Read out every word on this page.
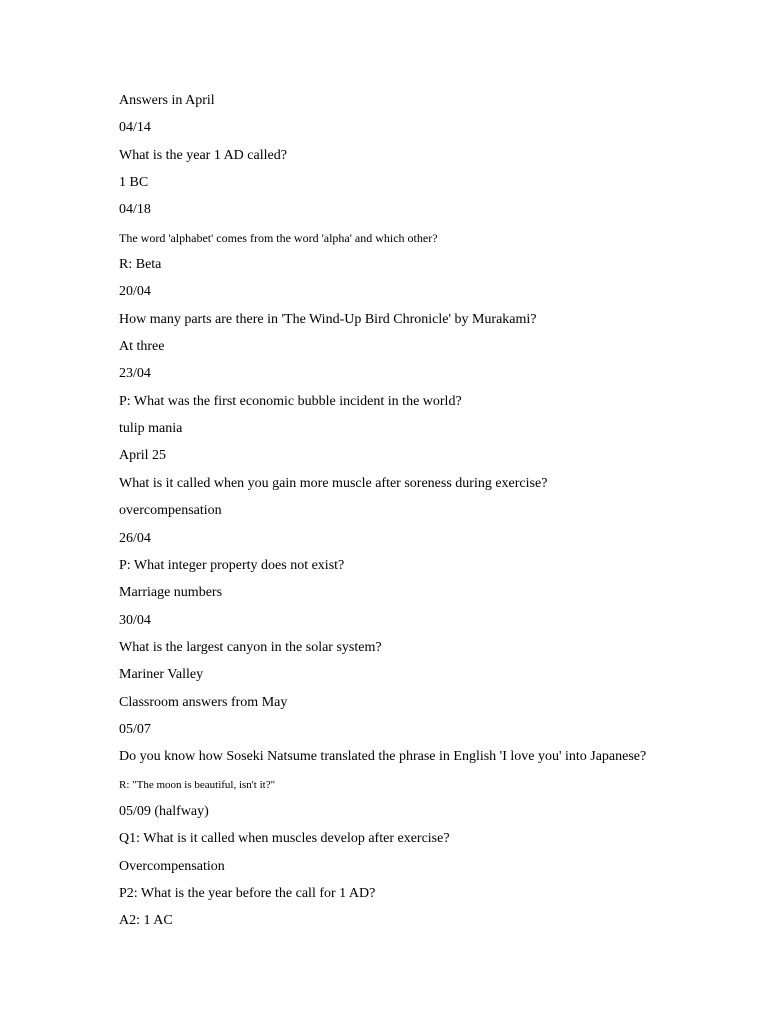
Answers in April
04/14
What is the year 1 AD called?
1 BC
04/18
The word 'alphabet' comes from the word 'alpha' and which other?
R: Beta
20/04
How many parts are there in 'The Wind-Up Bird Chronicle' by Murakami?
At three
23/04
P: What was the first economic bubble incident in the world?
tulip mania
April 25
What is it called when you gain more muscle after soreness during exercise?
overcompensation
26/04
P: What integer property does not exist?
Marriage numbers
30/04
What is the largest canyon in the solar system?
Mariner Valley
Classroom answers from May
05/07
Do you know how Soseki Natsume translated the phrase in English 'I love you' into Japanese?
R: "The moon is beautiful, isn't it?"
05/09 (halfway)
Q1: What is it called when muscles develop after exercise?
Overcompensation
P2: What is the year before the call for 1 AD?
A2: 1 AC
